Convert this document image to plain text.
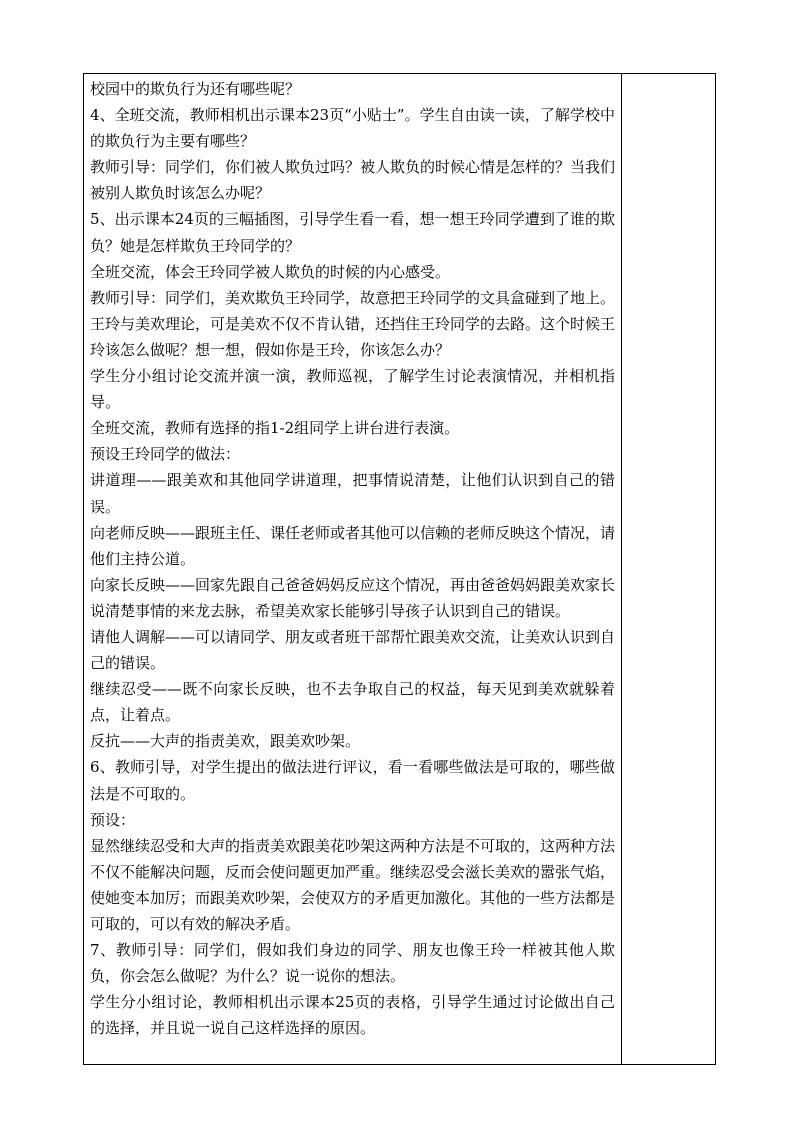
校园中的欺负行为还有哪些呢？

4、全班交流，教师相机出示课本23页“小贴士”。学生自由读一读，了解学校中的欺负行为主要有哪些？

教师引导：同学们，你们被人欺负过吗？被人欺负的时候心情是怎样的？当我们被别人欺负时该怎么办呢？

5、出示课本24页的三幅插图，引导学生看一看，想一想王玲同学遭到了谁的欺负？她是怎样欺负王玲同学的？

全班交流，体会王玲同学被人欺负的时候的内心感受。

教师引导：同学们，美欢欺负王玲同学，故意把王玲同学的文具盒碰到了地上。王玲与美欢理论，可是美欢不仅不肯认错，还挡住王玲同学的去路。这个时候王玲该怎么做呢？想一想，假如你是王玲，你该怎么办？

学生分小组讨论交流并演一演，教师巡视，了解学生讨论表演情况，并相机指导。

全班交流，教师有选择的指1-2组同学上讲台进行表演。

预设王玲同学的做法：

讲道理——跟美欢和其他同学讲道理，把事情说清楚，让他们认识到自己的错误。

向老师反映——跟班主任、课任老师或者其他可以信赖的老师反映这个情况，请他们主持公道。

向家长反映——回家先跟自己爸爸妈妈反应这个情况，再由爸爸妈妈跟美欢家长说清楚事情的来龙去脉，希望美欢家长能够引导孩子认识到自己的错误。

请他人调解——可以请同学、朋友或者班干部帮忙跟美欢交流，让美欢认识到自己的错误。

继续忍受——既不向家长反映，也不去争取自己的权益，每天见到美欢就躲着点，让着点。

反抗——大声的指责美欢，跟美欢吵架。

6、教师引导，对学生提出的做法进行评议，看一看哪些做法是可取的，哪些做法是不可取的。

预设：

显然继续忍受和大声的指责美欢跟美花吵架这两种方法是不可取的，这两种方法不仅不能解决问题，反而会使问题更加严重。继续忍受会滋长美欢的嚣张气焰，使她变本加厉；而跟美欢吵架，会使双方的矛盾更加激化。其他的一些方法都是可取的，可以有效的解决矛盾。

7、教师引导：同学们，假如我们身边的同学、朋友也像王玲一样被其他人欺负，你会怎么做呢？为什么？说一说你的想法。

学生分小组讨论，教师相机出示课本25页的表格，引导学生通过讨论做出自己的选择，并且说一说自己这样选择的原因。
